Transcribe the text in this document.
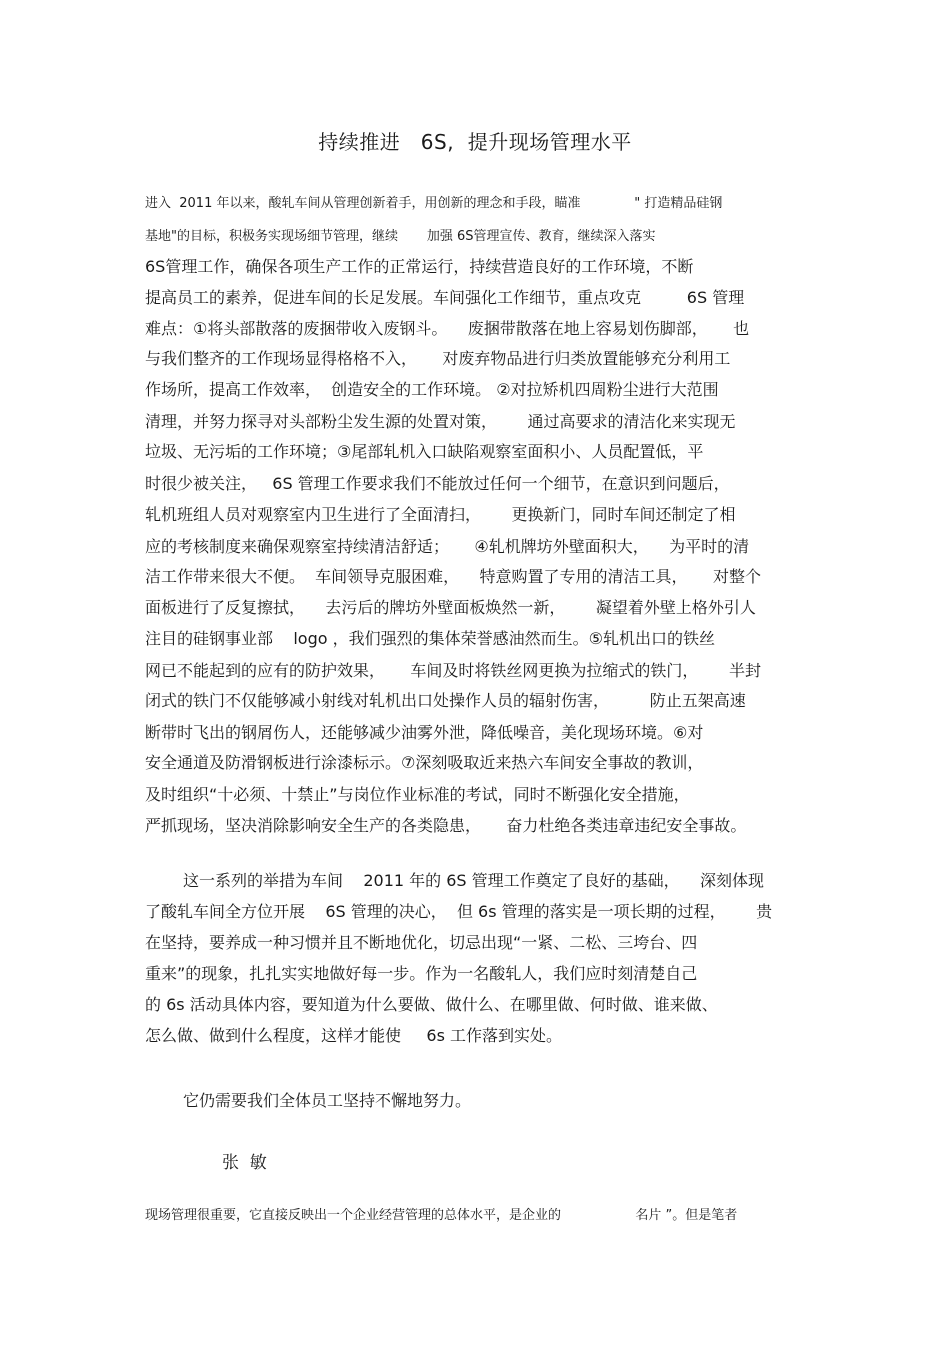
持续推进   6S,  提升现场管理水平
进入  2011 年以来，酸轧车间从管理创新着手，用创新的理念和手段，瞄准             " 打造精品硅钢
基地"的目标，积极务实现场细节管理，继续       加强 6S管理宣传、教育，继续深入落实
6S管理工作，确保各项生产工作的正常运行，持续营造良好的工作环境，不断
提高员工的素养，促进车间的长足发展。车间强化工作细节，重点攻克         6S 管理
难点：①将头部散落的废捆带收入废钢斗。    废捆带散落在地上容易划伤脚部，     也
与我们整齐的工作现场显得格格不入，     对废弃物品进行归类放置能够充分利用工
作场所，提高工作效率，  创造安全的工作环境。 ②对拉矫机四周粉尘进行大范围
清理，并努力探寻对头部粉尘发生源的处置对策，      通过高要求的清洁化来实现无
垃圾、无污垢的工作环境；③尾部轧机入口缺陷观察室面积小、人员配置低，平
时很少被关注，   6S 管理工作要求我们不能放过任何一个细节，在意识到问题后，
轧机班组人员对观察室内卫生进行了全面清扫，      更换新门，同时车间还制定了相
应的考核制度来确保观察室持续清洁舒适；     ④轧机牌坊外壁面积大，    为平时的清
洁工作带来很大不便。  车间领导克服困难，    特意购置了专用的清洁工具，     对整个
面板进行了反复擦拭，    去污后的牌坊外壁面板焕然一新，      凝望着外壁上格外引人
注目的硅钢事业部    logo ，我们强烈的集体荣誉感油然而生。⑤轧机出口的铁丝
网已不能起到的应有的防护效果，     车间及时将铁丝网更换为拉缩式的铁门，      半封
闭式的铁门不仅能够减小射线对轧机出口处操作人员的辐射伤害，        防止五架高速
断带时飞出的钢屑伤人，还能够减少油雾外泄，降低噪音，美化现场环境。⑥对
安全通道及防滑钢板进行涂漆标示。⑦深刻吸取近来热六车间安全事故的教训，
及时组织“十必须、十禁止”与岗位作业标准的考试，同时不断强化安全措施，
严抓现场，坚决消除影响安全生产的各类隐患，     奋力杜绝各类违章违纪安全事故。
这一系列的举措为车间    2011 年的 6S 管理工作奠定了良好的基础，    深刻体现
了酸轧车间全方位开展    6S 管理的决心，  但 6s 管理的落实是一项长期的过程，      贵
在坚持，要养成一种习惯并且不断地优化，切忌出现“一紧、二松、三垮台、四
重来”的现象，扎扎实实地做好每一步。作为一名酸轧人，我们应时刻清楚自己
的 6s 活动具体内容，要知道为什么要做、做什么、在哪里做、何时做、谁来做、
怎么做、做到什么程度，这样才能使     6s 工作落到实处。
它仍需要我们全体员工坚持不懈地努力。
张  敏
现场管理很重要，它直接反映出一个企业经营管理的总体水平，是企业的                  名片 ”。但是笔者
